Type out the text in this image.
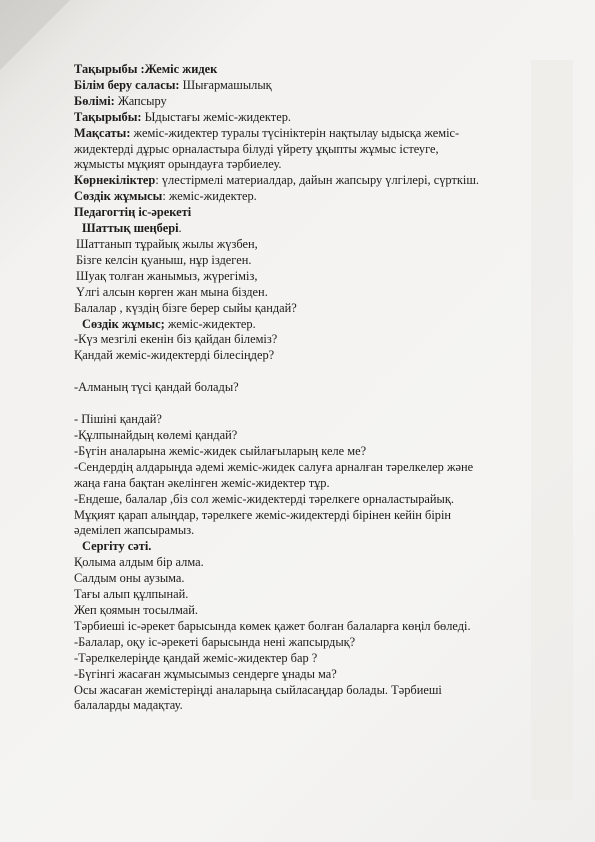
Тақырыбы :Жеміс жидек
Білім беру саласы: Шығармашылық
Бөлімі: Жапсыру
Тақырыбы: Ыдыстағы жеміс-жидектер.
Мақсаты: жеміс-жидектер туралы түсініктерін нақтылау ыдысқа жеміс-
жидектерді дұрыс орналастыра білуді үйрету ұқыпты жұмыс істеуге,
жұмысты мұқият орындауға тәрбиелеу.
Көрнекіліктер: үлестірмелі материалдар, дайын жапсыру үлгілері, сүрткіш.
Сөздік жұмысы: жеміс-жидектер.
Педагогтің іс-әрекеті
Шаттық шеңбері.
Шаттанып тұрайық жылы жүзбен,
Бізге келсін қуаныш, нұр іздеген.
Шуақ толған жанымыз, жүрегіміз,
Үлгі алсын көрген жан мына бізден.
Балалар , күздің бізге берер сыйы қандай?
Сөздік жұмыс; жеміс-жидектер.
-Күз мезгілі екенін біз қайдан білеміз?
Қандай жеміс-жидектерді білесіңдер?
-Алманың түсі қандай болады?
- Пішіні қандай?
-Құлпынайдың көлемі қандай?
-Бүгін аналарына жеміс-жидек сыйлағыларың келе ме?
-Сендердің алдарыңда әдемі жеміс-жидек салуға арналған тәрелкелер және
жаңа ғана бақтан әкелінген жеміс-жидектер тұр.
-Ендеше, балалар ,біз сол жеміс-жидектерді тәрелкеге орналастырайық.
Мұқият қарап алыңдар, тәрелкеге жеміс-жидектерді бірінен кейін бірін
әдемілеп жапсырамыз.
Сергіту сәті.
Қолыма алдым бір алма.
Салдым оны аузыма.
Тағы алып құлпынай.
Жеп қоямын тосылмай.
Тәрбиеші іс-әрекет барысында көмек қажет болған балаларға көңіл бөледі.
-Балалар, оқу іс-әрекеті барысында нені жапсырдық?
-Тәрелкелеріңде қандай жеміс-жидектер бар ?
-Бүгінгі жасаған жұмысымыз сендерге ұнады ма?
Осы жасаған жемістеріңді аналарыңа сыйласаңдар болады. Тәрбиеші
балаларды мадақтау.
